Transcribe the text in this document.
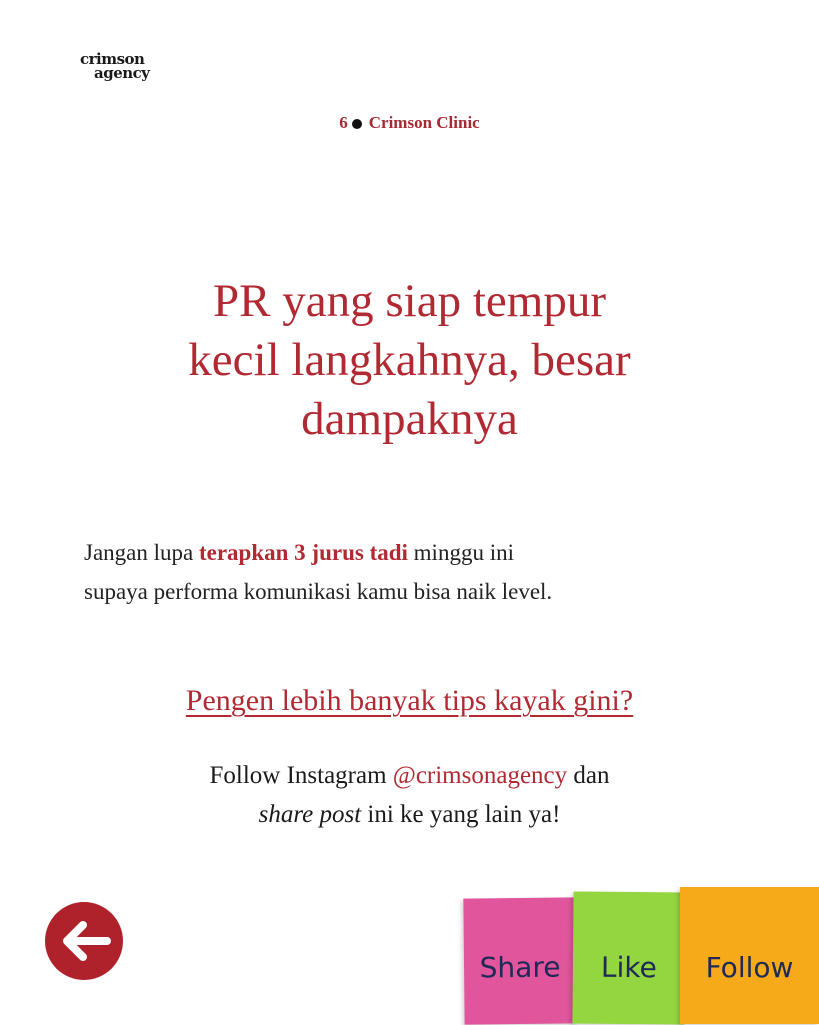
crimson
agency
6 Crimson Clinic
PR yang siap tempur
kecil langkahnya, besar
dampaknya
Jangan lupa terapkan 3 jurus tadi minggu ini
supaya performa komunikasi kamu bisa naik level.
Pengen lebih banyak tips kayak gini?
Follow Instagram @crimsonagency dan
share post ini ke yang lain ya!
Share Like Follow
